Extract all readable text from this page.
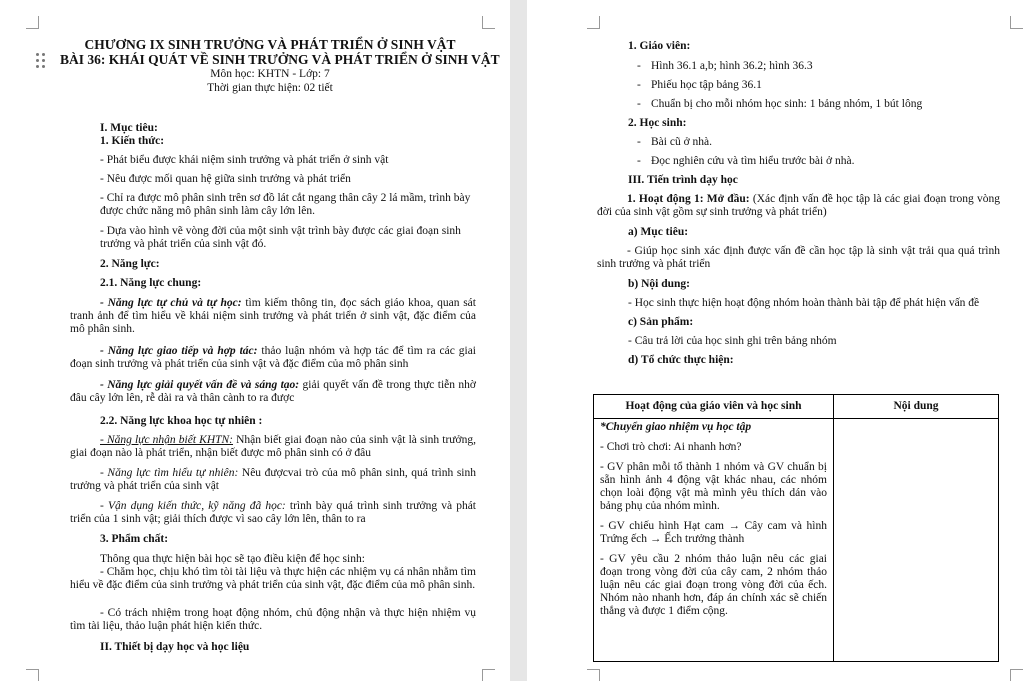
CHƯƠNG IX SINH TRƯỞNG VÀ PHÁT TRIỂN Ở SINH VẬT
BÀI 36: KHÁI QUÁT VỀ SINH TRƯỞNG VÀ PHÁT TRIỂN Ở SINH VẬT
Môn học: KHTN - Lớp: 7
Thời gian thực hiện: 02 tiết
I. Mục tiêu:
1. Kiến thức:
- Phát biểu được khái niệm sinh trưởng và phát triển ở sinh vật
- Nêu được mối quan hệ giữa sinh trưởng và phát triển
- Chỉ ra được mô phân sinh trên sơ đồ lát cắt ngang thân cây 2 lá mầm, trình bày được chức năng mô phân sinh làm cây lớn lên.
- Dựa vào hình vẽ vòng đời của một sinh vật trình bày được các giai đoạn sinh trưởng và phát triển của sinh vật đó.
2. Năng lực:
2.1. Năng lực chung:
- Năng lực tự chủ và tự học: tìm kiếm thông tin, đọc sách giáo khoa, quan sát tranh ảnh để tìm hiểu về khái niệm sinh trưởng và phát triển ở sinh vật, đặc điểm của mô phân sinh.
- Năng lực giao tiếp và hợp tác: thảo luận nhóm và hợp tác để tìm ra các giai đoạn sinh trưởng và phát triển của sinh vật và đặc điểm của mô phân sinh
- Năng lực giải quyết vấn đề và sáng tạo: giải quyết vấn đề trong thực tiễn nhờ đâu cây lớn lên, rễ dài ra và thân cành to ra được
2.2. Năng lực khoa học tự nhiên :
- Năng lực nhận biết KHTN: Nhận biết giai đoạn nào của sinh vật là sinh trưởng, giai đoạn nào là phát triển, nhận biết được mô phân sinh có ở đâu
- Năng lực tìm hiểu tự nhiên: Nêu đượcvai trò của mô phân sinh, quá trình sinh trưởng và phát triển của sinh vật
- Vận dụng kiến thức, kỹ năng đã học: trình bày quá trình sinh trưởng và phát triển của 1 sinh vật; giải thích được vì sao cây lớn lên, thân to ra
3. Phẩm chất:
Thông qua thực hiện bài học sẽ tạo điều kiện để học sinh:
- Chăm học, chịu khó tìm tòi tài liệu và thực hiện các nhiệm vụ cá nhân nhằm tìm hiểu về đặc điểm của sinh trưởng và phát triển của sinh vật, đặc điểm của mô phân sinh.
- Có trách nhiệm trong hoạt động nhóm, chủ động nhận và thực hiện nhiệm vụ tìm tài liệu, thảo luận phát hiện kiến thức.
II. Thiết bị dạy học và học liệu
1. Giáo viên:
- Hình 36.1 a,b; hình 36.2; hình 36.3
- Phiếu học tập bảng 36.1
- Chuẩn bị cho mỗi nhóm học sinh: 1 bảng nhóm, 1 bút lông
2. Học sinh:
- Bài cũ ở nhà.
- Đọc nghiên cứu và tìm hiểu trước bài ở nhà.
III. Tiến trình dạy học
1. Hoạt động 1: Mở đầu: (Xác định vấn đề học tập là các giai đoạn trong vòng đời của sinh vật gồm sự sinh trưởng và phát triển)
a) Mục tiêu:
- Giúp học sinh xác định được vấn đề cần học tập là sinh vật trải qua quá trình sinh trưởng và phát triển
b) Nội dung:
- Học sinh thực hiện hoạt động nhóm hoàn thành bài tập để phát hiện vấn đề
c) Sản phẩm:
- Câu trả lời của học sinh ghi trên bảng nhóm
d) Tổ chức thực hiện:
Hoạt động của giáo viên và học sinh	Nội dung

*Chuyển giao nhiệm vụ học tập

- Chơi trò chơi: Ai nhanh hơn?

- GV phân mỗi tổ thành 1 nhóm và GV chuẩn bị sẵn hình ảnh 4 động vật khác nhau, các nhóm chọn loài động vật mà mình yêu thích dán vào bảng phụ của nhóm mình.

- GV chiếu hình Hạt cam → Cây cam và hình Trứng ếch → Ếch trưởng thành

- GV yêu cầu 2 nhóm thảo luận nêu các giai đoạn trong vòng đời của cây cam, 2 nhóm thảo luận nêu các giai đoạn trong vòng đời của ếch. Nhóm nào nhanh hơn, đáp án chính xác sẽ chiến thắng và được 1 điểm cộng.	
